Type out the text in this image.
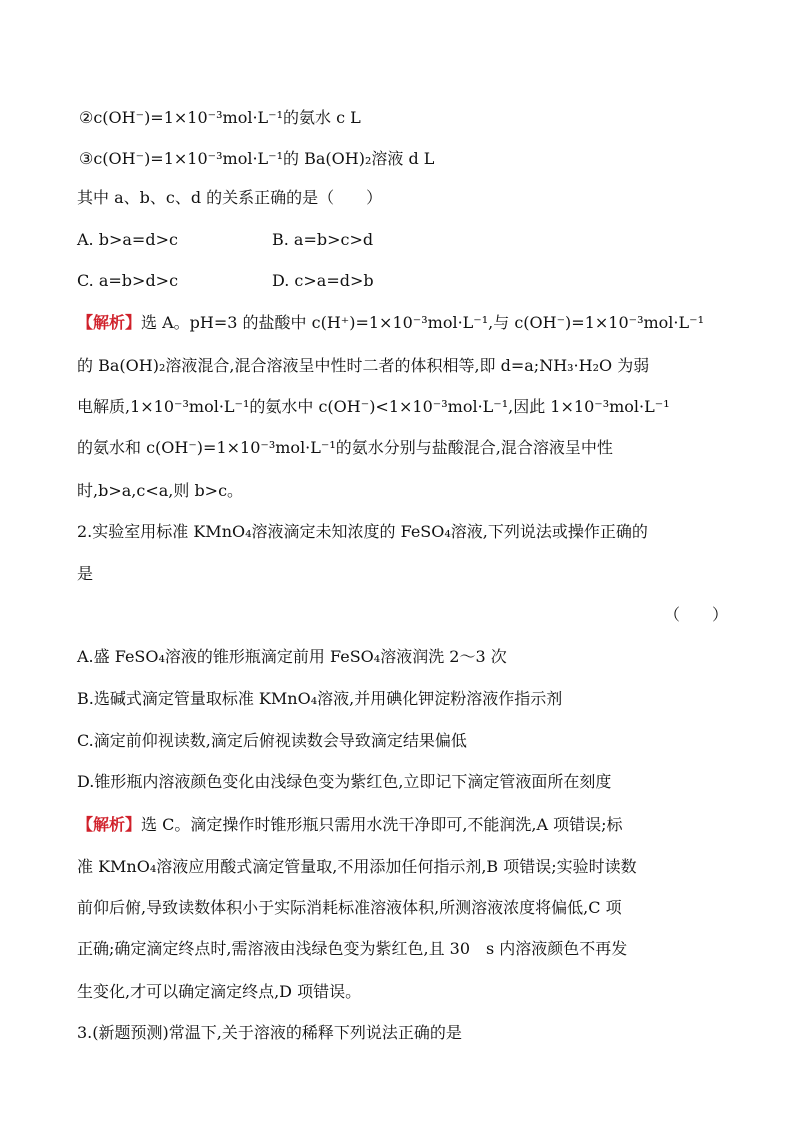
②c(OH⁻)=1×10⁻³mol·L⁻¹的氨水 c L
③c(OH⁻)=1×10⁻³mol·L⁻¹的 Ba(OH)₂溶液 d L
其中 a、b、c、d 的关系正确的是（　　）
A. b>a=d>c	B. a=b>c>d
C. a=b>d>c	D. c>a=d>b
【解析】选 A。pH=3 的盐酸中 c(H⁺)=1×10⁻³mol·L⁻¹,与 c(OH⁻)=1×10⁻³mol·L⁻¹
的 Ba(OH)₂溶液混合,混合溶液呈中性时二者的体积相等,即 d=a;NH₃·H₂O 为弱
电解质,1×10⁻³mol·L⁻¹的氨水中 c(OH⁻)<1×10⁻³mol·L⁻¹,因此 1×10⁻³mol·L⁻¹
的氨水和 c(OH⁻)=1×10⁻³mol·L⁻¹的氨水分别与盐酸混合,混合溶液呈中性
时,b>a,c<a,则 b>c。
2.实验室用标准 KMnO₄溶液滴定未知浓度的 FeSO₄溶液,下列说法或操作正确的
是
（　　）
A.盛 FeSO₄溶液的锥形瓶滴定前用 FeSO₄溶液润洗 2～3 次
B.选碱式滴定管量取标准 KMnO₄溶液,并用碘化钾淀粉溶液作指示剂
C.滴定前仰视读数,滴定后俯视读数会导致滴定结果偏低
D.锥形瓶内溶液颜色变化由浅绿色变为紫红色,立即记下滴定管液面所在刻度
【解析】选 C。滴定操作时锥形瓶只需用水洗干净即可,不能润洗,A 项错误;标
准 KMnO₄溶液应用酸式滴定管量取,不用添加任何指示剂,B 项错误;实验时读数
前仰后俯,导致读数体积小于实际消耗标准溶液体积,所测溶液浓度将偏低,C 项
正确;确定滴定终点时,需溶液由浅绿色变为紫红色,且 30　s 内溶液颜色不再发
生变化,才可以确定滴定终点,D 项错误。
3.(新题预测)常温下,关于溶液的稀释下列说法正确的是
